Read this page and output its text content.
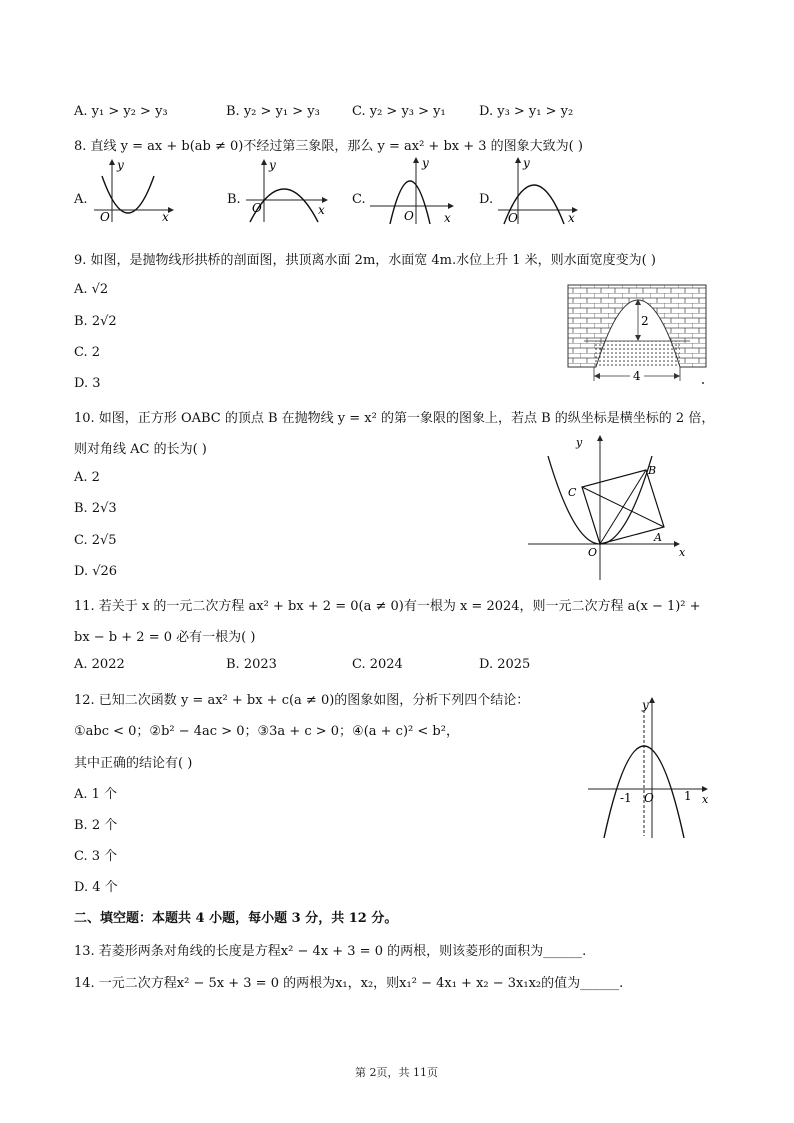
A. y₁ > y₂ > y₃	B. y₂ > y₁ > y₃ C. y₂ > y₃ > y₁	D. y₃ > y₁ > y₂
8. 直线 y = ax + b(ab ≠ 0)不经过第三象限，那么 y = ax² + bx + 3 的图象大致为( )
A.
y
x
O
B.
y
x
O
C.
y
x
O
D.
y
x
O
9. 如图，是抛物线形拱桥的剖面图，拱顶离水面 2m，水面宽 4m.水位上升 1 米，则水面宽度变为( )
A. √2
B. 2√2
C. 2
D. 3
2
4
10. 如图，正方形 OABC 的顶点 B 在抛物线 y = x² 的第一象限的图象上，若点 B 的纵坐标是横坐标的 2 倍，
则对角线 AC 的长为( )
A. 2
B. 2√3
C. 2√5
D. √26
y
x
O
A
B
C
11. 若关于 x 的一元二次方程 ax² + bx + 2 = 0(a ≠ 0)有一根为 x = 2024，则一元二次方程 a(x − 1)² +
bx − b + 2 = 0 必有一根为( )
A. 2022	B. 2023	C. 2024	D. 2025
12. 已知二次函数 y = ax² + bx + c(a ≠ 0)的图象如图，分析下列四个结论：
①abc < 0；②b² − 4ac > 0；③3a + c > 0；④(a + c)² < b²，
其中正确的结论有( )
A. 1 个
B. 2 个
C. 3 个
D. 4 个
y
x
O
-1	1
二、填空题：本题共 4 小题，每小题 3 分，共 12 分。
13. 若菱形两条对角线的长度是方程x² − 4x + 3 = 0 的两根，则该菱形的面积为______.
14. 一元二次方程x² − 5x + 3 = 0 的两根为x₁，x₂，则x₁² − 4x₁ + x₂ − 3x₁x₂的值为______.
第 2页，共 11页
